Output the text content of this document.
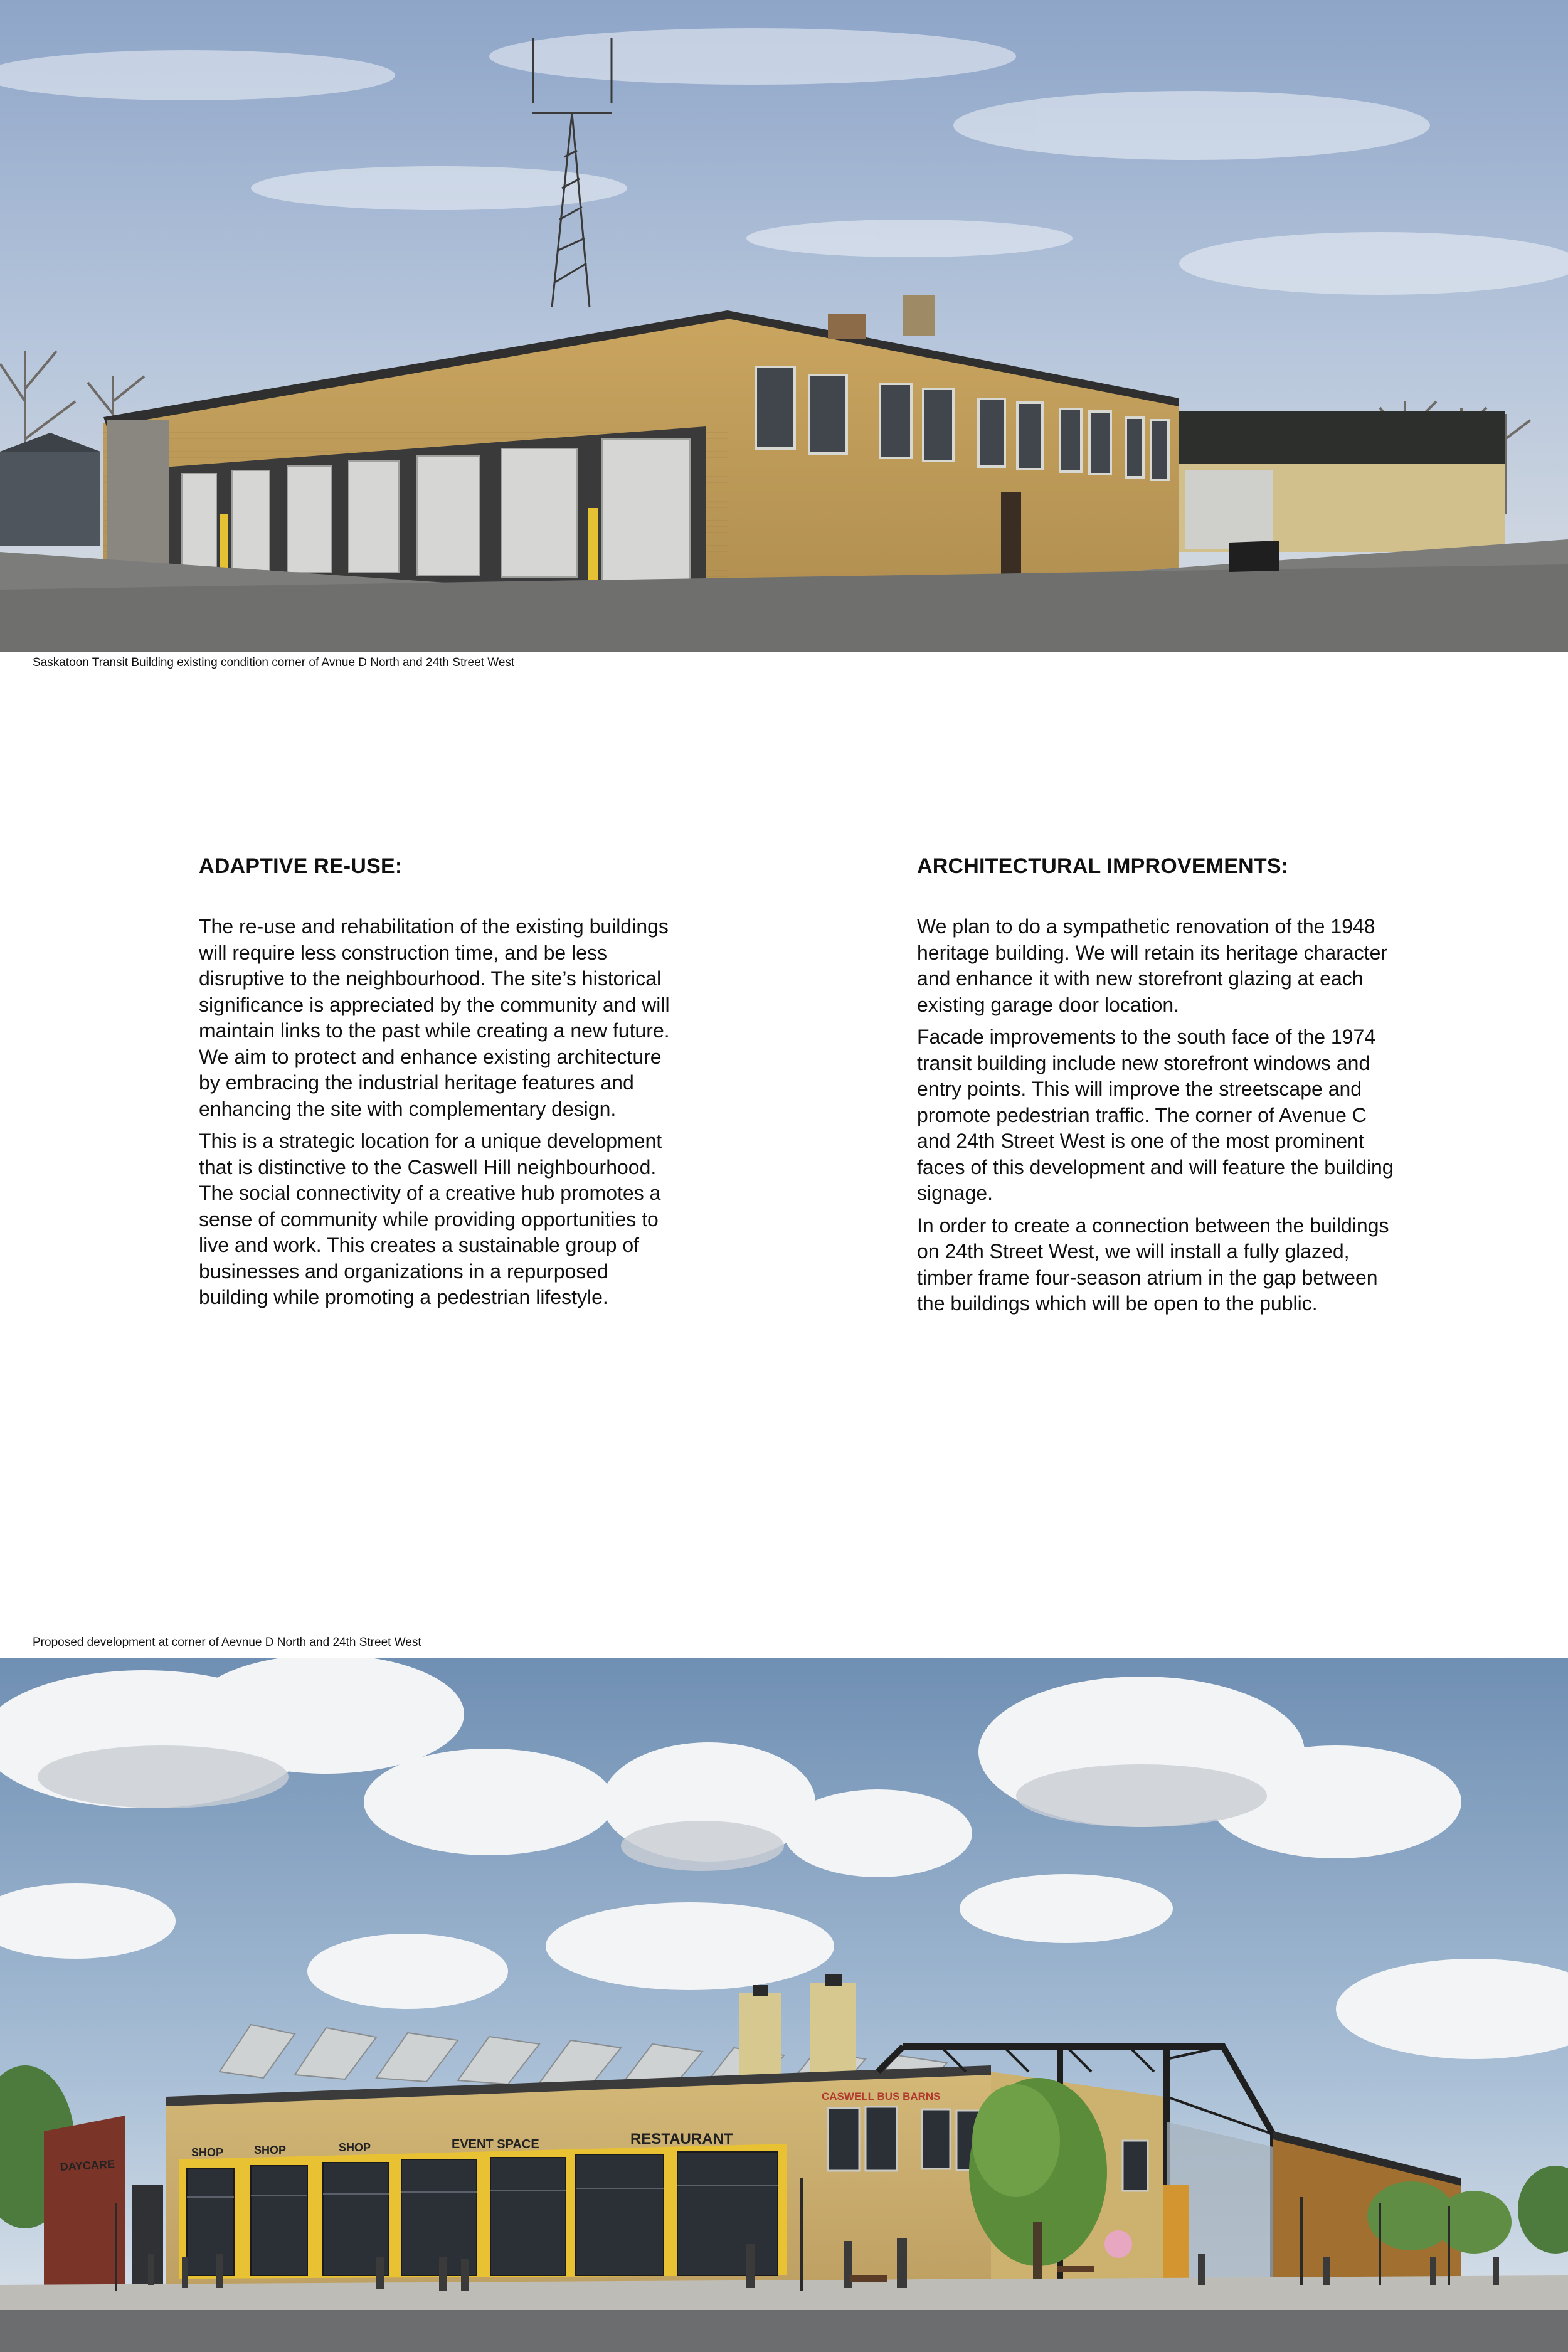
Saskatoon Transit Building existing condition corner of Avnue D North and 24th Street West
ADAPTIVE RE-USE:

The re-use and rehabilitation of the existing buildings will require less construction time, and be less disruptive to the neighbourhood. The site’s historical significance is appreciated by the community and will maintain links to the past while creating a new future. We aim to protect and enhance existing architecture by embracing the industrial heritage features and enhancing the site with complementary design.

This is a strategic location for a unique development that is distinctive to the Caswell Hill neighbourhood. The social connectivity of a creative hub promotes a sense of community while providing opportunities to live and work. This creates a sustainable group of businesses and organizations in a repurposed building while promoting a pedestrian lifestyle.

ARCHITECTURAL IMPROVEMENTS:

We plan to do a sympathetic renovation of the 1948 heritage building. We will retain its heritage character and enhance it with new storefront glazing at each existing garage door location.

Facade improvements to the south face of the 1974 transit building include new storefront windows and entry points. This will improve the streetscape and promote pedestrian traffic. The corner of Avenue C and 24th Street West is one of the most prominent faces of this development and will feature the building signage.

In order to create a connection between the buildings on 24th Street West, we will install a fully glazed, timber frame four-season atrium in the gap between the buildings which will be open to the public.

Proposed development at corner of Aevnue D North and 24th Street West
DAYCARE
SHOP	SHOP	SHOP	EVENT SPACE	RESTAURANT
CASWELL BUS BARNS
